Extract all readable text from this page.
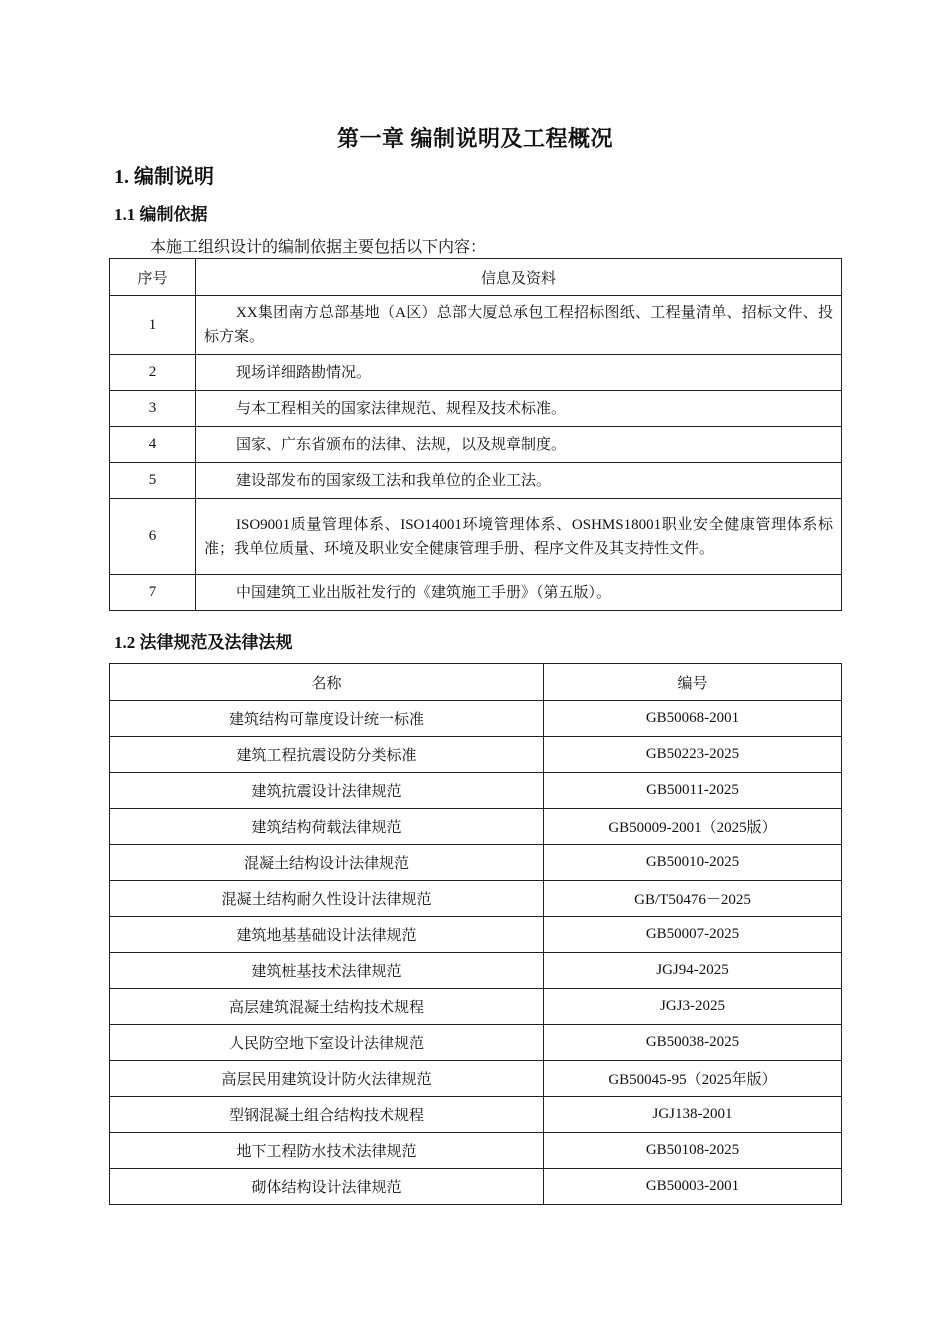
第一章 编制说明及工程概况
1. 编制说明
1.1 编制依据
本施工组织设计的编制依据主要包括以下内容：
序号	信息及资料
1	XX集团南方总部基地（A区）总部大厦总承包工程招标图纸、工程量清单、招标文件、投标方案。
2	现场详细踏勘情况。
3	与本工程相关的国家法律规范、规程及技术标准。
4	国家、广东省颁布的法律、法规，以及规章制度。
5	建设部发布的国家级工法和我单位的企业工法。
6	ISO9001质量管理体系、ISO14001环境管理体系、OSHMS18001职业安全健康管理体系标准；我单位质量、环境及职业安全健康管理手册、程序文件及其支持性文件。
7	中国建筑工业出版社发行的《建筑施工手册》（第五版）。
1.2 法律规范及法律法规
名称	编号
建筑结构可靠度设计统一标准	GB50068-2001
建筑工程抗震设防分类标准	GB50223-2025
建筑抗震设计法律规范	GB50011-2025
建筑结构荷载法律规范	GB50009-2001（2025版）
混凝土结构设计法律规范	GB50010-2025
混凝土结构耐久性设计法律规范	GB/T50476－2025
建筑地基基础设计法律规范	GB50007-2025
建筑桩基技术法律规范	JGJ94-2025
高层建筑混凝土结构技术规程	JGJ3-2025
人民防空地下室设计法律规范	GB50038-2025
高层民用建筑设计防火法律规范	GB50045-95（2025年版）
型钢混凝土组合结构技术规程	JGJ138-2001
地下工程防水技术法律规范	GB50108-2025
砌体结构设计法律规范	GB50003-2001
